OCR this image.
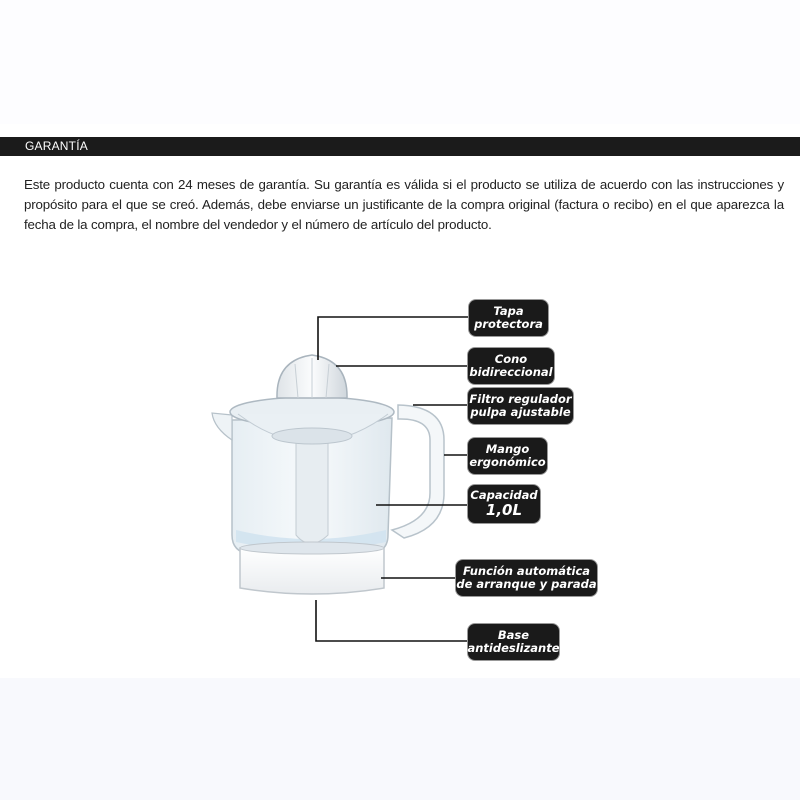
GARANTÍA

Este producto cuenta con 24 meses de garantía. Su garantía es válida si el producto se utiliza de acuerdo con las instrucciones y propósito para el que se creó. Además, debe enviarse un justificante de la compra original (factura o recibo) en el que aparezca la fecha de la compra, el nombre del vendedor y el número de artículo del producto.

Tapa
protectora
Cono
bidireccional
Filtro regulador
pulpa ajustable
Mango
ergonómico
Capacidad
1,0L
Función automática
de arranque y parada
Base
antideslizante
